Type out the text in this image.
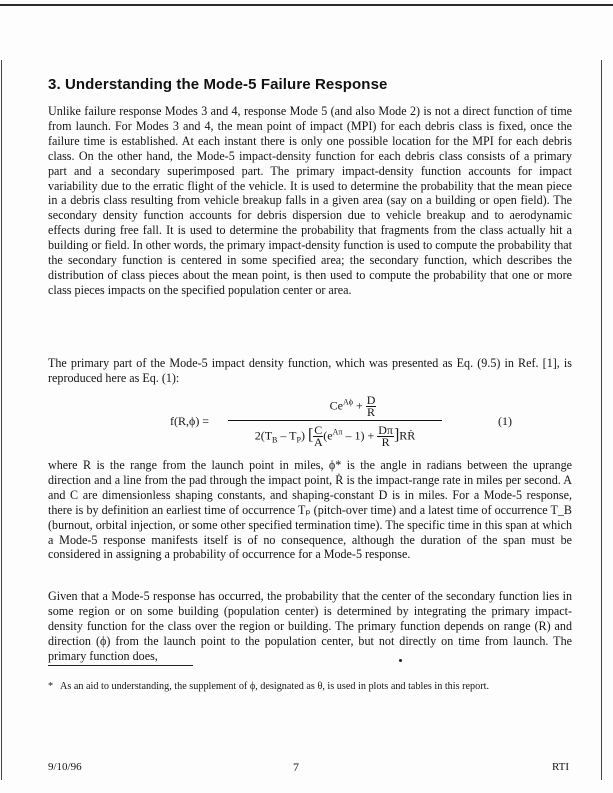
3. Understanding the Mode-5 Failure Response

Unlike failure response Modes 3 and 4, response Mode 5 (and also Mode 2) is not a direct function of time from launch. For Modes 3 and 4, the mean point of impact (MPI) for each debris class is fixed, once the failure time is established. At each instant there is only one possible location for the MPI for each debris class. On the other hand, the Mode-5 impact-density function for each debris class consists of a primary part and a secondary superimposed part. The primary impact-density function accounts for impact variability due to the erratic flight of the vehicle. It is used to determine the probability that the mean piece in a debris class resulting from vehicle breakup falls in a given area (say on a building or open field). The secondary density function accounts for debris dispersion due to vehicle breakup and to aerodynamic effects during free fall. It is used to determine the probability that fragments from the class actually hit a building or field. In other words, the primary impact-density function is used to compute the probability that the secondary function is centered in some specified area; the secondary function, which describes the distribution of class pieces about the mean point, is then used to compute the probability that one or more class pieces impacts on the specified population center or area.

The primary part of the Mode-5 impact density function, which was presented as Eq. (9.5) in Ref. [1], is reproduced here as Eq. (1):

f(R,ϕ) =
$Ce^{A\phi} + \frac{D}{R}$
$2(T_B - T_P)$ [ $\frac{C}{A} (e^{A\pi} - 1) + \frac{D\pi}{R}$ ]RṘ
(1)

where R is the range from the launch point in miles, ϕ* is the angle in radians between the uprange direction and a line from the pad through the impact point, Ṙ is the impact-range rate in miles per second. A and C are dimensionless shaping constants, and shaping-constant D is in miles. For a Mode-5 response, there is by definition an earliest time of occurrence Tₚ (pitch-over time) and a latest time of occurrence T_B (burnout, orbital injection, or some other specified termination time). The specific time in this span at which a Mode-5 response manifests itself is of no consequence, although the duration of the span must be considered in assigning a probability of occurrence for a Mode-5 response.

Given that a Mode-5 response has occurred, the probability that the center of the secondary function lies in some region or on some building (population center) is determined by integrating the primary impact-density function for the class over the region or building. The primary function depends on range (R) and direction (ϕ) from the launch point to the population center, but not directly on time from launch. The primary function does,

* As an aid to understanding, the supplement of ϕ, designated as θ, is used in plots and tables in this report.
9/10/96	7	RTI
